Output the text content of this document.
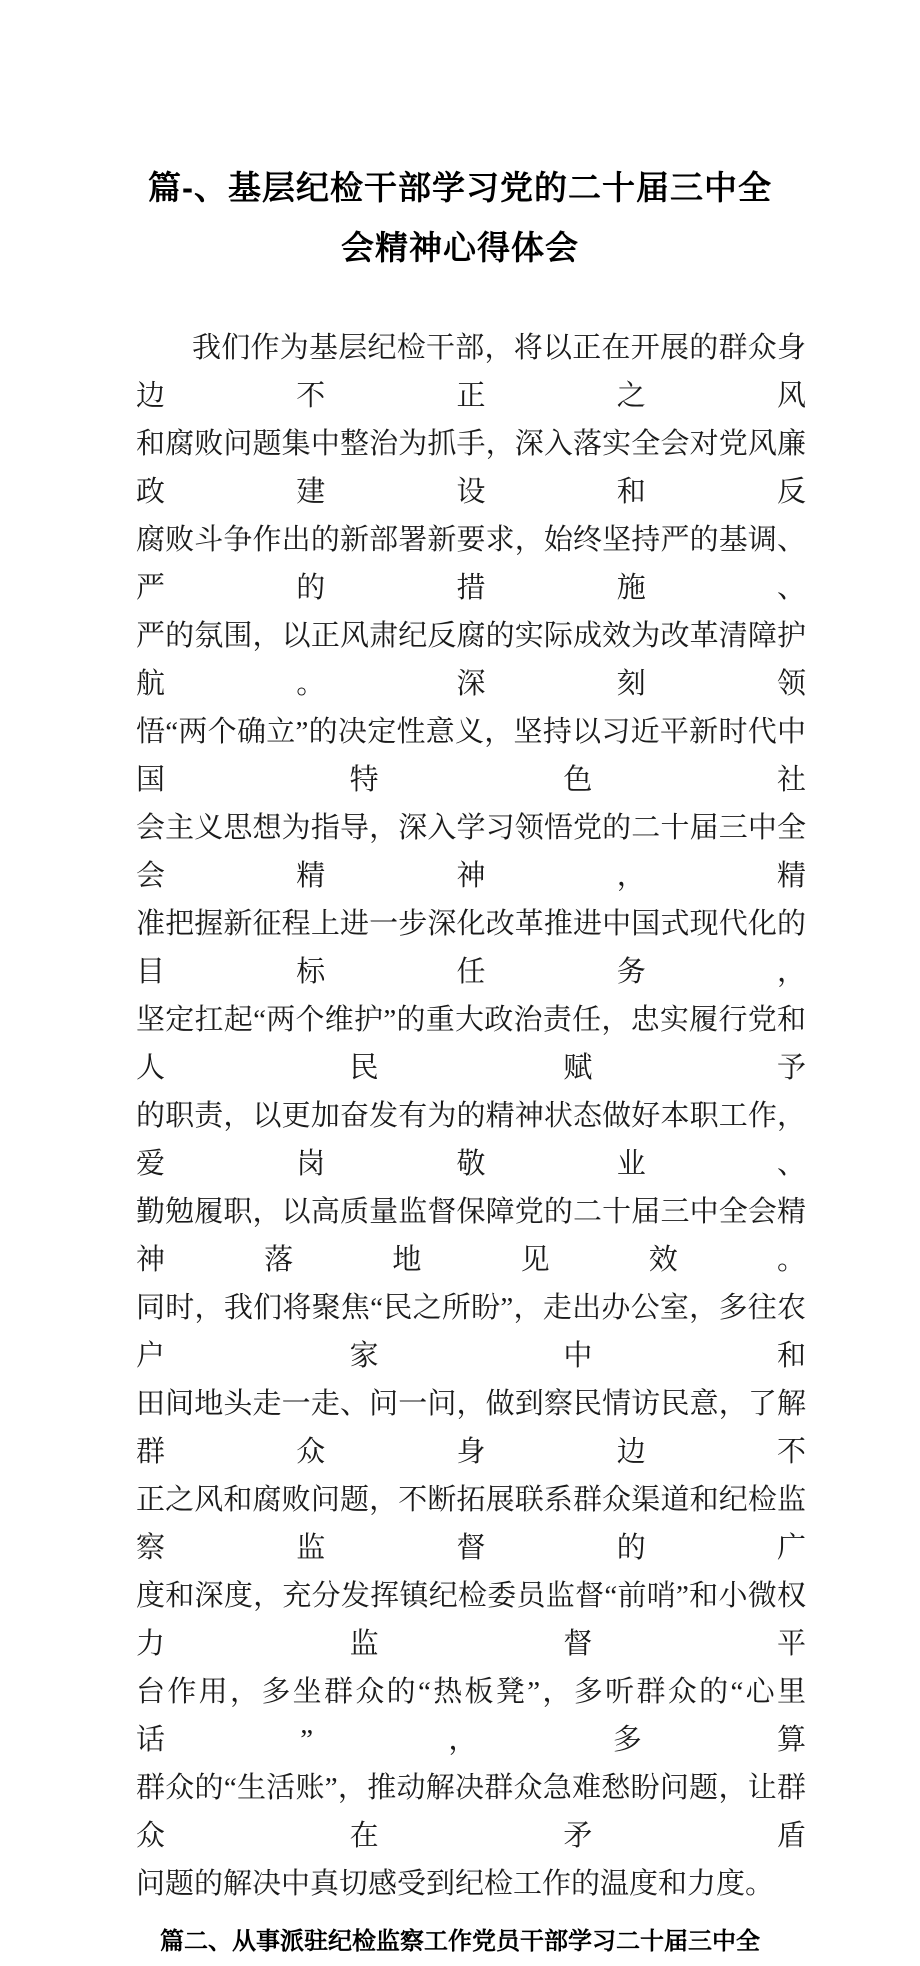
篇-、基层纪检干部学习党的二十届三中全
会精神心得体会
我们作为基层纪检干部，将以正在开展的群众身边不正之风
和腐败问题集中整治为抓手，深入落实全会对党风廉政建设和反
腐败斗争作出的新部署新要求，始终坚持严的基调、严的措施、
严的氛围，以正风肃纪反腐的实际成效为改革清障护航。深刻领
悟“两个确立”的决定性意义，坚持以习近平新时代中国特色社
会主义思想为指导，深入学习领悟党的二十届三中全会精神，精
准把握新征程上进一步深化改革推进中国式现代化的目标任务，
坚定扛起“两个维护”的重大政治责任，忠实履行党和人民赋予
的职责，以更加奋发有为的精神状态做好本职工作，爱岗敬业、
勤勉履职，以高质量监督保障党的二十届三中全会精神落地见效。
同时，我们将聚焦“民之所盼”，走出办公室，多往农户家中和
田间地头走一走、问一问，做到察民情访民意，了解群众身边不
正之风和腐败问题，不断拓展联系群众渠道和纪检监察监督的广
度和深度，充分发挥镇纪检委员监督“前哨”和小微权力监督平
台作用，多坐群众的“热板凳”，多听群众的“心里话”，多算
群众的“生活账”，推动解决群众急难愁盼问题，让群众在矛盾
问题的解决中真切感受到纪检工作的温度和力度。
篇二、从事派驻纪检监察工作党员干部学习二十届三中全
